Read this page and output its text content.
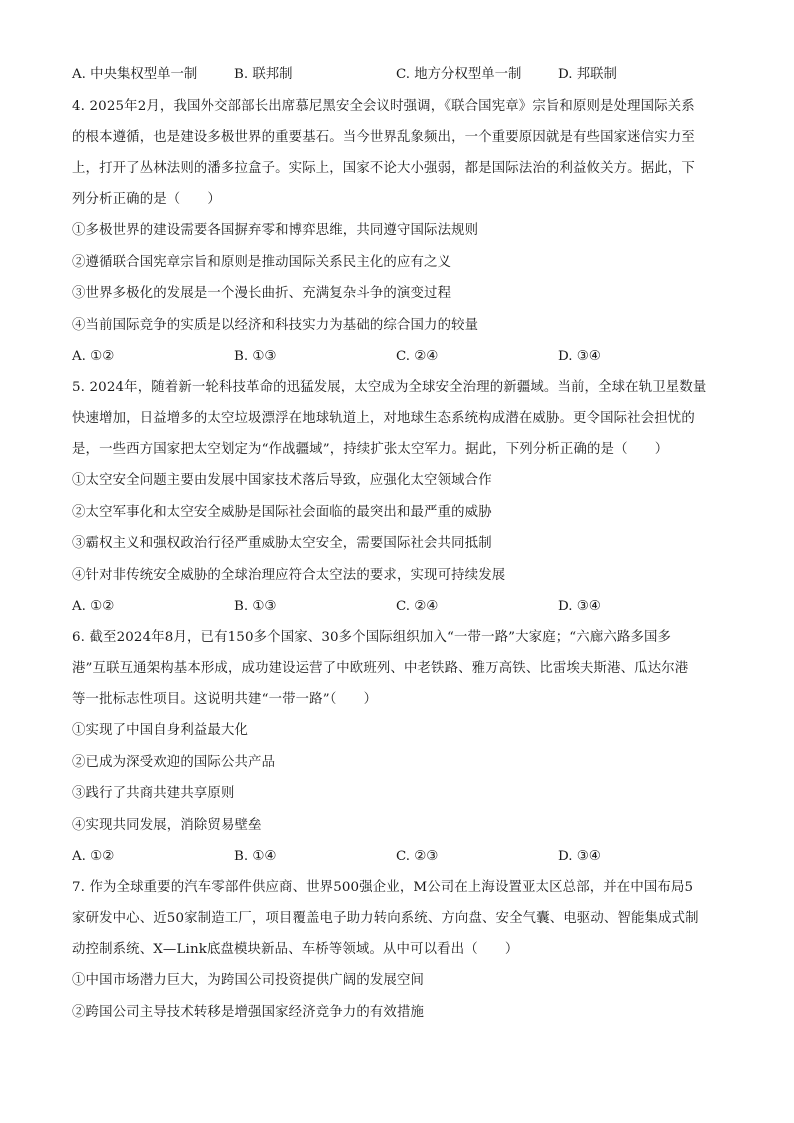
A. 中央集权型单一制	B. 联邦制	C. 地方分权型单一制	D. 邦联制
4. 2025年2月，我国外交部部长出席慕尼黑安全会议时强调，《联合国宪章》宗旨和原则是处理国际关系
的根本遵循，也是建设多极世界的重要基石。当今世界乱象频出，一个重要原因就是有些国家迷信实力至
上，打开了丛林法则的潘多拉盒子。实际上，国家不论大小强弱，都是国际法治的利益攸关方。据此，下
列分析正确的是（　　）
①多极世界的建设需要各国摒弃零和博弈思维，共同遵守国际法规则
②遵循联合国宪章宗旨和原则是推动国际关系民主化的应有之义
③世界多极化的发展是一个漫长曲折、充满复杂斗争的演变过程
④当前国际竞争的实质是以经济和科技实力为基础的综合国力的较量
A. ①②	B. ①③	C. ②④	D. ③④
5. 2024年，随着新一轮科技革命的迅猛发展，太空成为全球安全治理的新疆域。当前，全球在轨卫星数量
快速增加，日益增多的太空垃圾漂浮在地球轨道上，对地球生态系统构成潜在威胁。更令国际社会担忧的
是，一些西方国家把太空划定为“作战疆域”，持续扩张太空军力。据此，下列分析正确的是（　　）
①太空安全问题主要由发展中国家技术落后导致，应强化太空领域合作
②太空军事化和太空安全威胁是国际社会面临的最突出和最严重的威胁
③霸权主义和强权政治行径严重威胁太空安全，需要国际社会共同抵制
④针对非传统安全威胁的全球治理应符合太空法的要求，实现可持续发展
A. ①②	B. ①③	C. ②④	D. ③④
6. 截至2024年8月，已有150多个国家、30多个国际组织加入“一带一路”大家庭；“六廊六路多国多
港”互联互通架构基本形成，成功建设运营了中欧班列、中老铁路、雅万高铁、比雷埃夫斯港、瓜达尔港
等一批标志性项目。这说明共建“一带一路”（　　）
①实现了中国自身利益最大化
②已成为深受欢迎的国际公共产品
③践行了共商共建共享原则
④实现共同发展，消除贸易壁垒
A. ①②	B. ①④	C. ②③	D. ③④
7. 作为全球重要的汽车零部件供应商、世界500强企业，M公司在上海设置亚太区总部，并在中国布局5
家研发中心、近50家制造工厂，项目覆盖电子助力转向系统、方向盘、安全气囊、电驱动、智能集成式制
动控制系统、X—Link底盘模块新品、车桥等领域。从中可以看出（　　）
①中国市场潜力巨大，为跨国公司投资提供广阔的发展空间
②跨国公司主导技术转移是增强国家经济竞争力的有效措施
